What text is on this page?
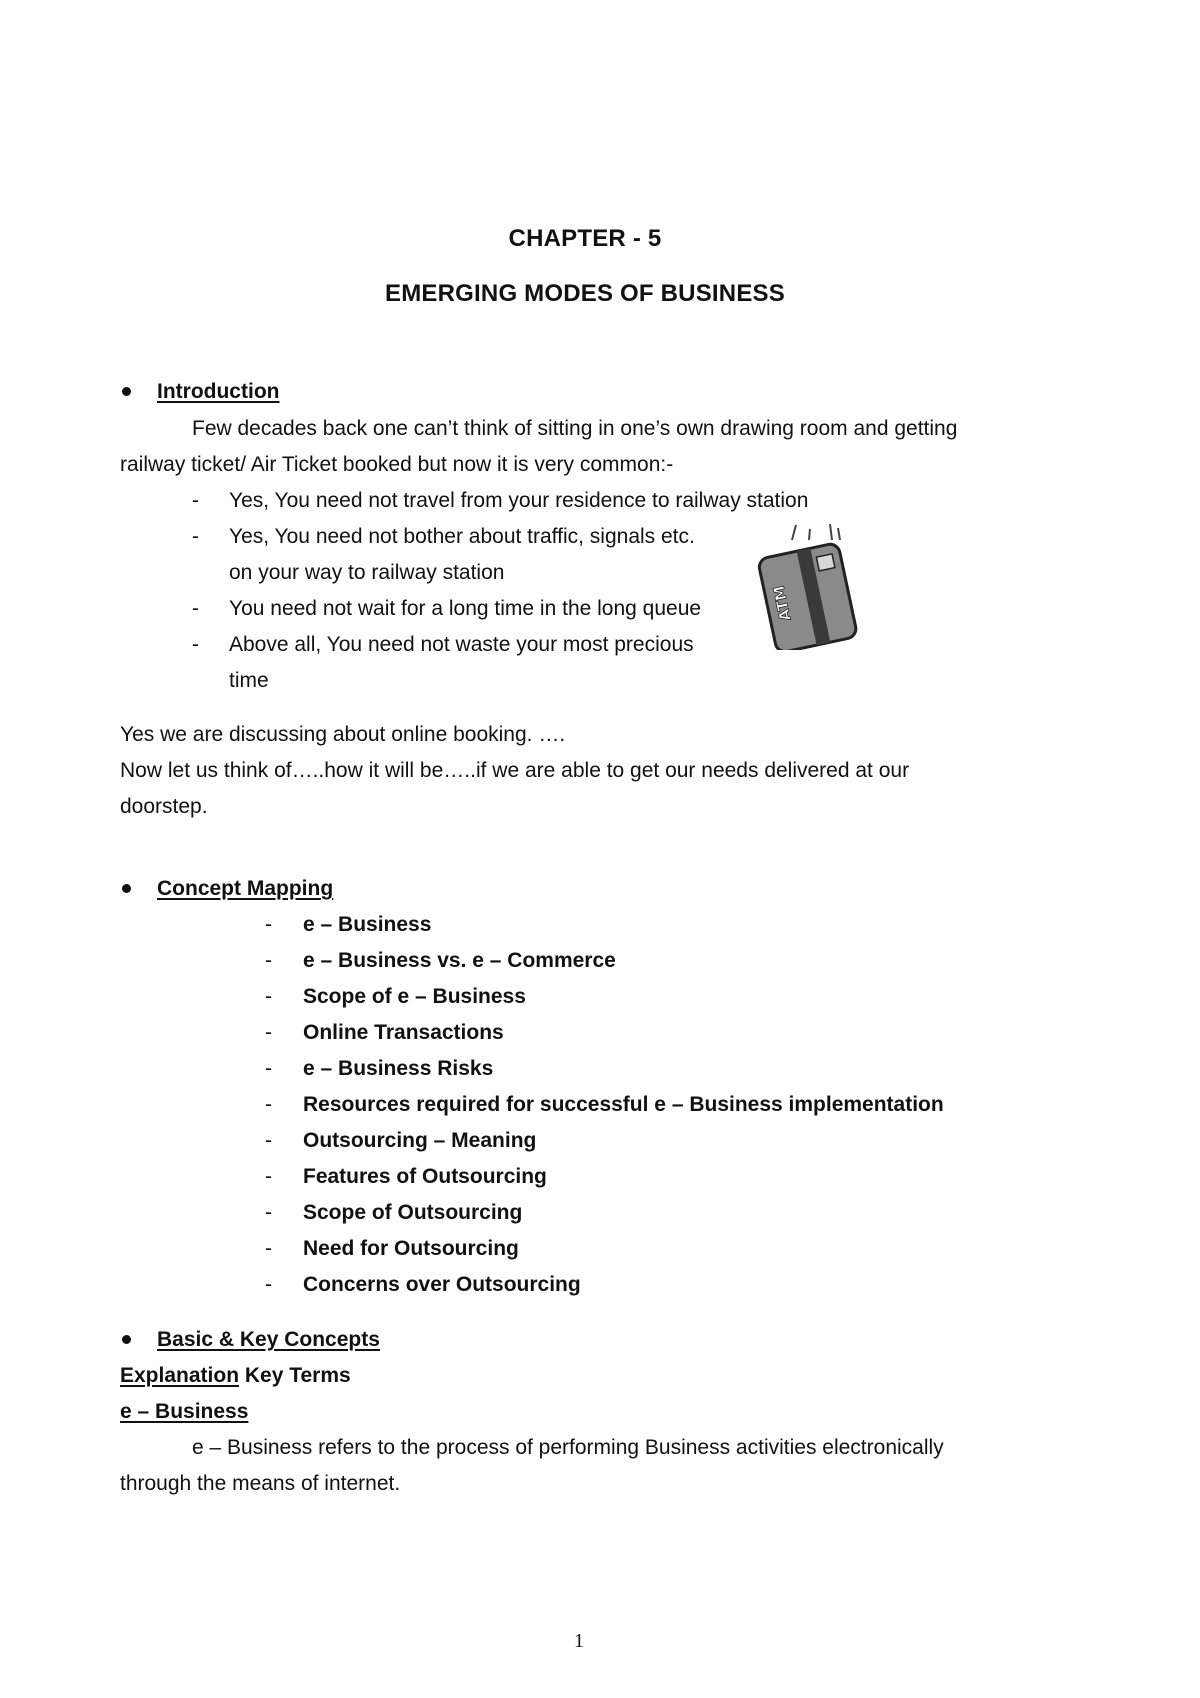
CHAPTER - 5
EMERGING MODES OF BUSINESS
Introduction
Few decades back one can’t think of sitting in one’s own drawing room and getting
railway ticket/ Air Ticket booked but now it is very common:-
- Yes, You need not travel from your residence to railway station
- Yes, You need not bother about traffic, signals etc.
on your way to railway station
- You need not wait for a long time in the long queue
- Above all, You need not waste your most precious
time
ATM
Yes we are discussing about online booking. ….
Now let us think of…..how it will be…..if we are able to get our needs delivered at our
doorstep.
Concept Mapping
- e – Business
- e – Business vs. e – Commerce
- Scope of e – Business
- Online Transactions
- e – Business Risks
- Resources required for successful e – Business implementation
- Outsourcing – Meaning
- Features of Outsourcing
- Scope of Outsourcing
- Need for Outsourcing
- Concerns over Outsourcing
Basic & Key Concepts
Explanation Key Terms
e – Business
e – Business refers to the process of performing Business activities electronically
through the means of internet.
1
